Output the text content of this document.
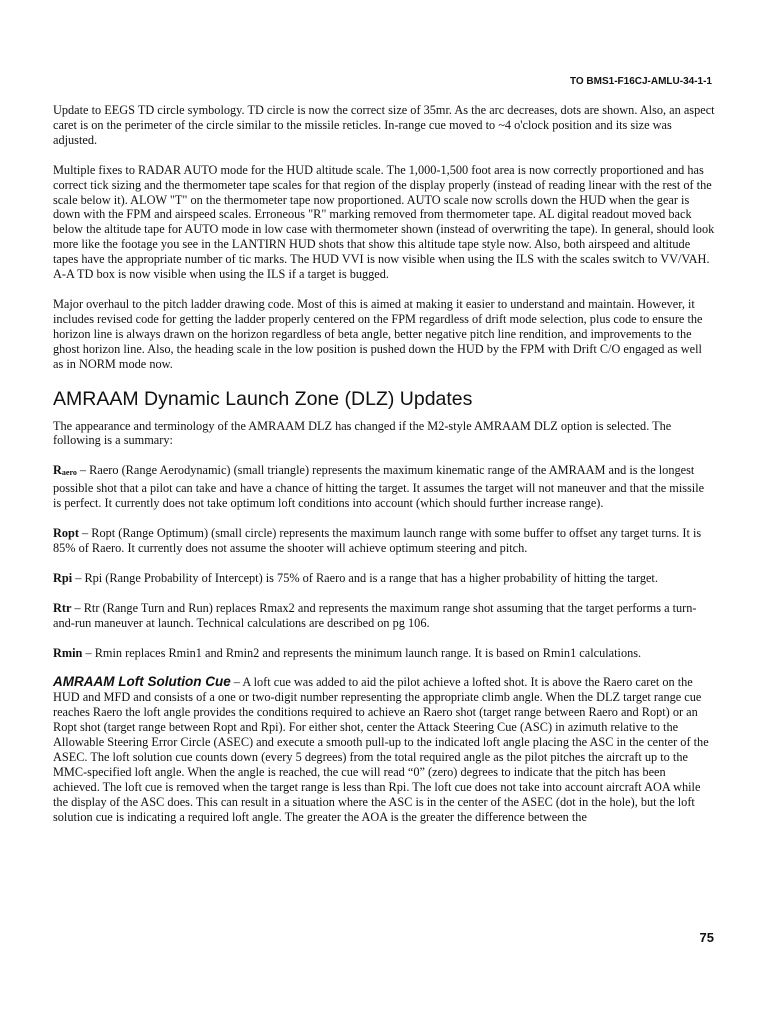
TO BMS1-F16CJ-AMLU-34-1-1

Update to EEGS TD circle symbology. TD circle is now the correct size of 35mr. As the arc decreases, dots are shown. Also, an aspect caret is on the perimeter of the circle similar to the missile reticles. In-range cue moved to ~4 o'clock position and its size was adjusted.

Multiple fixes to RADAR AUTO mode for the HUD altitude scale. The 1,000-1,500 foot area is now correctly proportioned and has correct tick sizing and the thermometer tape scales for that region of the display properly (instead of reading linear with the rest of the scale below it). ALOW "T" on the thermometer tape now proportioned. AUTO scale now scrolls down the HUD when the gear is down with the FPM and airspeed scales. Erroneous "R" marking removed from thermometer tape. AL digital readout moved back below the altitude tape for AUTO mode in low case with thermometer shown (instead of overwriting the tape). In general, should look more like the footage you see in the LANTIRN HUD shots that show this altitude tape style now. Also, both airspeed and altitude tapes have the appropriate number of tic marks. The HUD VVI is now visible when using the ILS with the scales switch to VV/VAH. A-A TD box is now visible when using the ILS if a target is bugged.

Major overhaul to the pitch ladder drawing code. Most of this is aimed at making it easier to understand and maintain. However, it includes revised code for getting the ladder properly centered on the FPM regardless of drift mode selection, plus code to ensure the horizon line is always drawn on the horizon regardless of beta angle, better negative pitch line rendition, and improvements to the ghost horizon line. Also, the heading scale in the low position is pushed down the HUD by the FPM with Drift C/O engaged as well as in NORM mode now.

AMRAAM Dynamic Launch Zone (DLZ) Updates

The appearance and terminology of the AMRAAM DLZ has changed if the M2-style AMRAAM DLZ option is selected. The following is a summary:

Raero – Raero (Range Aerodynamic) (small triangle) represents the maximum kinematic range of the AMRAAM and is the longest possible shot that a pilot can take and have a chance of hitting the target. It assumes the target will not maneuver and that the missile is perfect. It currently does not take optimum loft conditions into account (which should further increase range).

Ropt – Ropt (Range Optimum) (small circle) represents the maximum launch range with some buffer to offset any target turns. It is 85% of Raero. It currently does not assume the shooter will achieve optimum steering and pitch.

Rpi – Rpi (Range Probability of Intercept) is 75% of Raero and is a range that has a higher probability of hitting the target.

Rtr – Rtr (Range Turn and Run) replaces Rmax2 and represents the maximum range shot assuming that the target performs a turn-and-run maneuver at launch. Technical calculations are described on pg 106.

Rmin – Rmin replaces Rmin1 and Rmin2 and represents the minimum launch range. It is based on Rmin1 calculations.

AMRAAM Loft Solution Cue – A loft cue was added to aid the pilot achieve a lofted shot. It is above the Raero caret on the HUD and MFD and consists of a one or two-digit number representing the appropriate climb angle. When the DLZ target range cue reaches Raero the loft angle provides the conditions required to achieve an Raero shot (target range between Raero and Ropt) or an Ropt shot (target range between Ropt and Rpi). For either shot, center the Attack Steering Cue (ASC) in azimuth relative to the Allowable Steering Error Circle (ASEC) and execute a smooth pull-up to the indicated loft angle placing the ASC in the center of the ASEC. The loft solution cue counts down (every 5 degrees) from the total required angle as the pilot pitches the aircraft up to the MMC-specified loft angle. When the angle is reached, the cue will read “0” (zero) degrees to indicate that the pitch has been achieved. The loft cue is removed when the target range is less than Rpi. The loft cue does not take into account aircraft AOA while the display of the ASC does. This can result in a situation where the ASC is in the center of the ASEC (dot in the hole), but the loft solution cue is indicating a required loft angle. The greater the AOA is the greater the difference between the

75
